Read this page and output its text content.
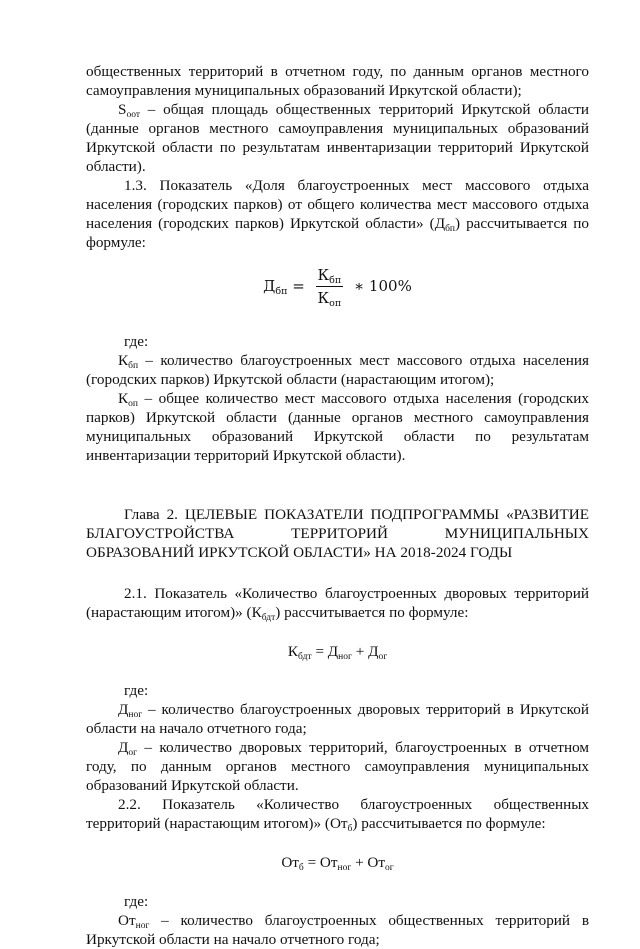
общественных территорий в отчетном году, по данным органов местного самоуправления муниципальных образований Иркутской области);

$S_{оот}$ – общая площадь общественных территорий Иркутской области (данные органов местного самоуправления муниципальных образований Иркутской области по результатам инвентаризации территорий Иркутской области).

1.3. Показатель «Доля благоустроенных мест массового отдыха населения (городских парков) от общего количества мест массового отдыха населения (городских парков) Иркутской области» $(Д_{бп})$ рассчитывается по формуле:

$Д_{бп} = \frac{К_{бп}}{К_{оп}}$ ∗ 100%

где:

$К_{бп}$ – количество благоустроенных мест массового отдыха населения (городских парков) Иркутской области (нарастающим итогом);

$К_{оп}$ – общее количество мест массового отдыха населения (городских парков) Иркутской области (данные органов местного самоуправления муниципальных образований Иркутской области по результатам инвентаризации территорий Иркутской области).

Глава 2. ЦЕЛЕВЫЕ ПОКАЗАТЕЛИ ПОДПРОГРАММЫ «РАЗВИТИЕ БЛАГОУСТРОЙСТВА ТЕРРИТОРИЙ МУНИЦИПАЛЬНЫХ ОБРАЗОВАНИЙ ИРКУТСКОЙ ОБЛАСТИ» НА 2018-2024 ГОДЫ

2.1. Показатель «Количество благоустроенных дворовых территорий (нарастающим итогом)» $(К_{бдт})$ рассчитывается по формуле:

$К_{бдт} = Д_{ног} + Д_{ог}$

где:

$Д_{ног}$ – количество благоустроенных дворовых территорий в Иркутской области на начало отчетного года;

$Д_{ог}$ – количество дворовых территорий, благоустроенных в отчетном году, по данным органов местного самоуправления муниципальных образований Иркутской области.

2.2. Показатель «Количество благоустроенных общественных территорий (нарастающим итогом)» $(От_б)$ рассчитывается по формуле:

$От_б = От_{ног} + От_{ог}$

где:

$От_{ног}$ – количество благоустроенных общественных территорий в Иркутской области на начало отчетного года;
